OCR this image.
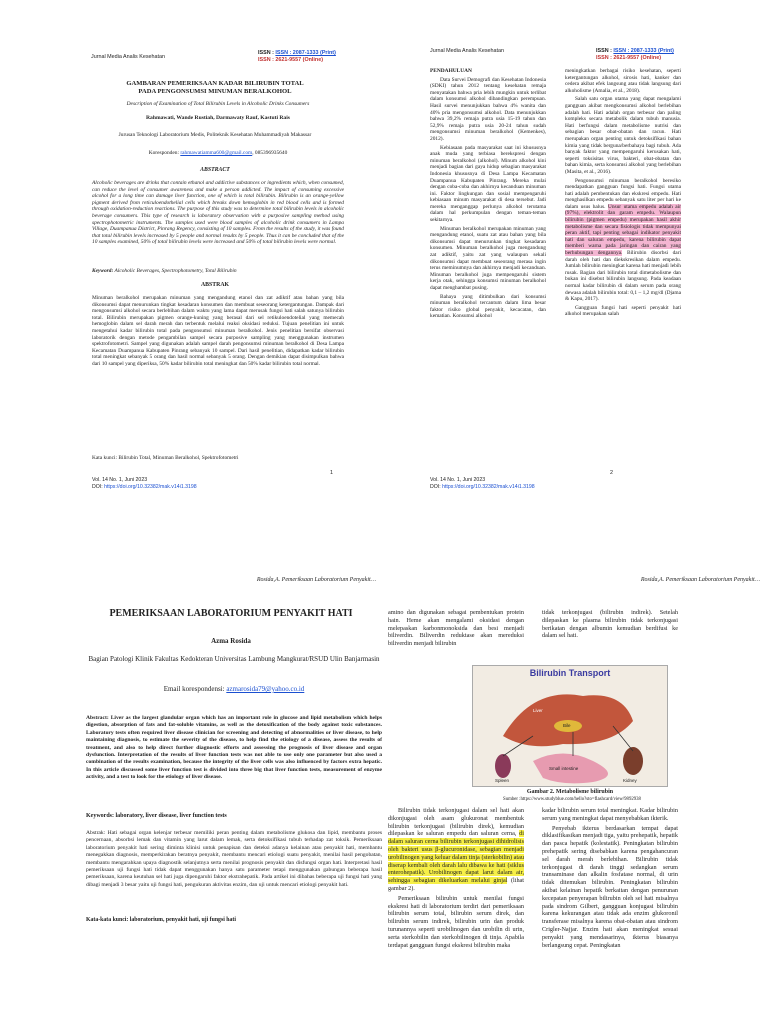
Jurnal Media Analis Kesehatan
ISSN : ISSN : 2087-1333 (Print)
ISSN : 2621-9557 (Online)
GAMBARAN PEMERIKSAAN KADAR BILIRUBIN TOTAL PADA PENGONSUMSI MINUMAN BERALKOHOL
Description of Examination of Total Bilirubin Levels in Alcoholic Drinks Consumers
Rahmawati, Wande Rustiah, Darmawaty Rauf, Kastuti Rais
Jurusan Teknologi Laboratorium Medis, Politeknik Kesehatan Muhammadiyah Makassar
Koresponden: rahmawatiamma600@gmail.com, 085396935640
ABSTRACT
Alcoholic beverages are drinks that contain ethanol and addictive substances or ingredients which, when consumed, can reduce the level of consumer awareness and make a person addicted. The impact of consuming excessive alcohol for a long time can damage liver function, one of which is total bilirubin. Bilirubin is an orange-yellow pigment derived from reticuloendothelial cells which breaks down hemoglobin in red blood cells and is formed through oxidation-reduction reactions. The purpose of this study was to determine total bilirubin levels in alcoholic beverage consumers. This type of research is laboratory observation with a purposive sampling method using spectrophotometric instruments. The samples used were blood samples of alcoholic drink consumers in Lampa Village, Duampanua District, Pinrang Regency, consisting of 10 samples. From the results of the study, it was found that total bilirubin levels increased by 5 people and normal results by 5 people. Thus it can be concluded that of the 10 samples examined, 50% of total bilirubin levels were increased and 50% of total bilirubin levels were normal.
Keyword: Alcoholic Beverages, Spectrophotometry, Total Bilirubin
ABSTRAK
Minuman beralkohol merupakan minuman yang mengandung etanol dan zat adiktif atau bahan yang bila dikonsumsi dapat menurunkan tingkat kesadaran konsumen dan membuat seseorang ketergantungan. Dampak dari mengonsumsi alkohol secara berlebihan dalam waktu yang lama dapat merusak fungsi hati salah satunya bilirubin total. Bilirubin merupakan pigmen orange-kuning yang berasal dari sel retikuloendotelial yang memecah hemoglobin dalam sel darah merah dan terbentuk melalui reaksi oksidasi reduksi. Tujuan penelitian ini untuk mengetahui kadar bilirubin total pada pengonsumsi minuman beralkohol. Jenis penelitian bersifat observasi laboratorik dengan metode pengambilan sampel secara purposive sampling yang menggunakan instrumen spektrofotometri. Sampel yang digunakan adalah sampel darah pengonsumsi minuman beralkohol di Desa Lampa Kecamatan Duampanua Kabupaten Pinrang sebanyak 10 sampel. Dari hasil penelitian, didapatkan kadar bilirubin total meningkat sebanyak 5 orang dan hasil normal sebanyak 5 orang. Dengan demikian dapat disimpulkan bahwa dari 10 sampel yang diperiksa, 50% kadar bilirubin total meningkat dan 50% kadar bilirubin total normal.
Kata kunci: Bilirubin Total, Minuman Beralkohol, Spektrofotometri
1
Vol. 14 No. 1, Juni 2023
DOI: https://doi.org/10.32382/mak.v14i1.3198
Jurnal Media Analis Kesehatan	ISSN : ISSN : 2087-1333 (Print)
ISSN : 2621-9557 (Online)
PENDAHULUAN

Data Survei Demografi dan Kesehatan Indonesia (SDKI) tahun 2012 tentang kesehatan remaja menyatakan bahwa pria lebih mungkin untuk terlibat dalam konsumsi alkohol dibandingkan perempuan. Hasil survei menunjukkan bahwa 4% wanita dan 40% pria mengonsumsi alkohol. Data menunjukkan bahwa 39,2% remaja putra usia 15-19 tahun dan 52,9% remaja putra usia 20-24 tahun sudah mengonsumsi minuman beralkohol (Kemenkes), 2012).

Kebiasaan pada masyarakat saat ini khususnya anak muda yang terbiasa berekspresi dengan minuman beralkohol (alkohol). Minum alkohol kini menjadi bagian dari gaya hidup sebagian masyarakat Indonesia khususnya di Desa Lampa Kecamatan Duampanua Kabupaten Pinrang. Mereka mulai dengan coba-coba dan akhirnya kecanduan minuman ini. Faktor lingkungan dan sosial mempengaruhi kebiasaan minum masyarakat di desa tersebut. Jadi mereka menganggap perlunya alkohol terutama dalam hal perkumpulan dengan teman-teman sekitarnya.

Minuman beralkohol merupakan minuman yang mengandung etanol, suatu zat atau bahan yang bila dikonsumsi dapat menurunkan tingkat kesadaran konsumen. Minuman beralkohol juga mengandung zat adiktif, yaitu zat yang walaupun sekali dikonsumsi dapat membuat seseorang merasa ingin terus meminumnya dan akhirnya menjadi kecanduan. Minuman beralkohol juga mempengaruhi sistem kerja otak, sehingga konsumsi minuman beralkohol dapat menghambat pusing.

Bahaya yang ditimbulkan dari konsumsi minuman beralkohol tercantum dalam lima besar faktor risiko global penyakit, kecacatan, dan kematian. Konsumsi alkohol

meningkatkan berbagai risiko kesehatan, seperti ketergantungan alkohol, sirosis hati, kanker dan cedera akibat efek langsung atau tidak langsung dari alkoholisme (Amalia, et al., 2018).

Salah satu organ utama yang dapat mengalami gangguan akibat mengkonsumsi alkohol berlebihan adalah hati. Hati adalah organ terbesar dan paling kompleks secara metabolik dalam tubuh manusia. Hati berfungsi dalam metabolisme nutrisi dan sebagian besar obat-obatan dan racun. Hati merupakan organ penting untuk detoksifikasi bahan kimia yang tidak berguna/berbahaya bagi tubuh. Ada banyak faktor yang mempengaruhi kerusakan hati, seperti toksisitas virus, bakteri, obat-obatan dan bahan kimia, serta konsumsi alkohol yang berlebihan (Masita, et al., 2016).

Pengonsumsi minuman beralkohol beresiko mendapatkan gangguan fungsi hati. Fungsi utama hati adalah pembentukan dan ekskresi empedu. Hati menghasilkan empedu sebanyak satu liter per hari ke dalam usus halus. Unsur utama empedu adalah air (97%), elektrolit dan garam empedu. Walaupun bilirubin (pigmen empedu) merupakan hasil akhir metabolisme dan secara fisiologis tidak mempunyai peran aktif, tapi penting sebagai indikator penyakit hati dan saluran empedu, karena bilirubin dapat memberi warna pada jaringan dan cairan yang berhubungan dengannya. Bilirubin disorbsi dari darah oleh hati dan diekskresikan dalam empedu. Jumlah bilirubin meningkat karena hati menjadi lebih rusak. Bagian dari bilirubin total dimetabolisme dan bukan ini disebut bilirubin langsung. Pada keadaan normal kadar bilirubin di dalam serum pada orang dewasa adalah bilirubin total: 0,1 – 1,2 mg/dl (Djama & Kapu, 2017).

Gangguan fungsi hati seperti penyakit hati alkohol merupakan salah

2
Vol. 14 No. 1, Juni 2023
DOI: https://doi.org/10.32382/mak.v14i1.3198
Rosida,A. Pemeriksaan Laboratorium Penyakit…
PEMERIKSAAN LABORATORIUM PENYAKIT HATI
Azma Rosida
Bagian Patologi Klinik Fakultas Kedokteran Universitas Lambung Mangkurat/RSUD Ulin Banjarmasin
Email korespondensi: azmarosida79@yahoo.co.id
Abstract: Liver as the largest glandular organ which has an important role in glucose and lipid metabolism which helps digestion, absorption of fats and fat-soluble vitamins, as well as the detoxification of the body against toxic substances. Laboratory tests often required liver disease clinician for screening and detecting of abnormalities or liver disease, to help maintaining diagnosis, to estimate the severity of the disease, to help find the etiology of a disease, assess the results of treatment, and also to help direct further diagnostic efforts and assessing the prognosis of liver disease and organ dysfunction. Interpretation of the results of liver function tests was not able to use only one parameter but also used a combination of the results examination, because the integrity of the liver cells was also influenced by factors extra hepatic. In this article discussed some liver function test is divided into three big that liver function tests, measurement of enzyme activity, and a test to look for the etiology of liver disease.
Keywords: laboratory, liver disease, liver function tests
Abstrak: Hati sebagai organ kelenjar terbesar memiliki peran penting dalam metabolisme glukosa dan lipid, membantu proses pencernaan, absorbsi lemak dan vitamin yang larut dalam lemak, serta detoksifikasi tubuh terhadap zat toksik. Pemeriksaan laboratorium penyakit hati sering diminta klinisi untuk penapisan dan deteksi adanya kelainan atau penyakit hati, membantu menegakkan diagnosis, memperkirakan beratnya penyakit, membantu mencari etiologi suatu penyakit, menilai hasil pengobatan, membantu mengarahkan upaya diagnostik selanjutnya serta menilai prognosis penyakit dan disfungsi organ hati. Interpretasi hasil pemeriksaan uji fungsi hati tidak dapat menggunakan hanya satu parameter tetapi menggunakan gabungan beberapa hasil pemeriksaan, karena keutuhan sel hati juga dipengaruhi faktor ekstrahepatik. Pada artikel ini dibahas beberapa uji fungsi hati yang dibagi menjadi 3 besar yaitu uji fungsi hati, pengukuran aktivitas enzim, dan uji untuk mencari etiologi penyakit hati.
Kata-kata kunci: laboratorium, penyakit hati, uji fungsi hati
Rosida,A. Pemeriksaan Laboratorium Penyakit…
amino dan digunakan sebagai pembentukan protein hain. Heme akan mengalami oksidasi dengan melepaskan karbonmonoksida dan besi menjadi biliverdin. Biliverdin reduktase akan mereduksi biliverdin menjadi bilirubin
tidak terkonjugasi (bilirubin indirek). Setelah dilepaskan ke plasma bilirubin tidak terkonjugasi berikatan dengan albumin kemudian berdifusi ke dalam sel hati.
Bilirubin Transport
Liver
Bile
Small intestine
Kidney
Spleen
Gambar 2. Metabolisme bilirubin
Sumber :https://www.studyblue.com/hello?sto=flashcard/view/9892938

Bilirubin tidak terkonjugasi dalam sel hati akan dikonjugasi oleh asam glukuronat membentuk bilirubin terkonjugasi (bilirubin direk), kemudian dilepaskan ke saluran empedu dan saluran cerna, di dalam saluran cerna bilirubin terkonjugasi dihidrolisis oleh bakteri usus β-glucuronidase, sebagian menjadi urobilinogen yang keluar dalam tinja (sterkobilin) atau diserap kembali oleh darah lalu dibawa ke hati (siklus enterohepatik). Urobilinogen dapat larut dalam air, sehingga sebagian dikeluarkan melalui ginjal (lihat gambar 2).

Pemeriksaan bilirubin untuk menilai fungsi ekskresi hati di laboratorium terdiri dari pemeriksaan bilirubin serum total, bilirubin serum direk, dan bilirubin serum indirek, bilirubin urin dan produk turunannya seperti urobilinogen dan urobilin di urin, serta sterkobilin dan sterkobilinogen di tinja. Apabila terdapat gangguan fungsi ekskresi bilirubin maka

kadar bilirubin serum total meningkat. Kadar bilirubin serum yang meningkat dapat menyebabkan ikterik.

Penyebab ikterus berdasarkan tempat dapat diklasifikasikan menjadi tiga, yaitu prehepatik, hepatik dan pasca hepatik (kolestatik). Peningkatan bilirubin prehepatik sering disebabkan karena pengahancuran sel darah merah berlebihan. Bilirubin tidak terkonjugasi di darah tinggi sedangkan serum transaminase dan alkalin fosfatase normal, di urin tidak ditemukan bilirubin. Peningkatan bilirubin akibat kelainan hepatik berkaitan dengan penurunan kecepatan penyerapan bilirubin oleh sel hati misalnya pada sindrom Gilbert, gangguan konjugasi bilirubin karena kekurangan atau tidak ada enzim glukoronil transferase misalnya karena obat-obatan atau sindrom Crigler-Najjar. Enzim hati akan meningkat sesuai penyakit yang mendasarinya, ikterus biasanya berlangsung cepat. Peningkatan
